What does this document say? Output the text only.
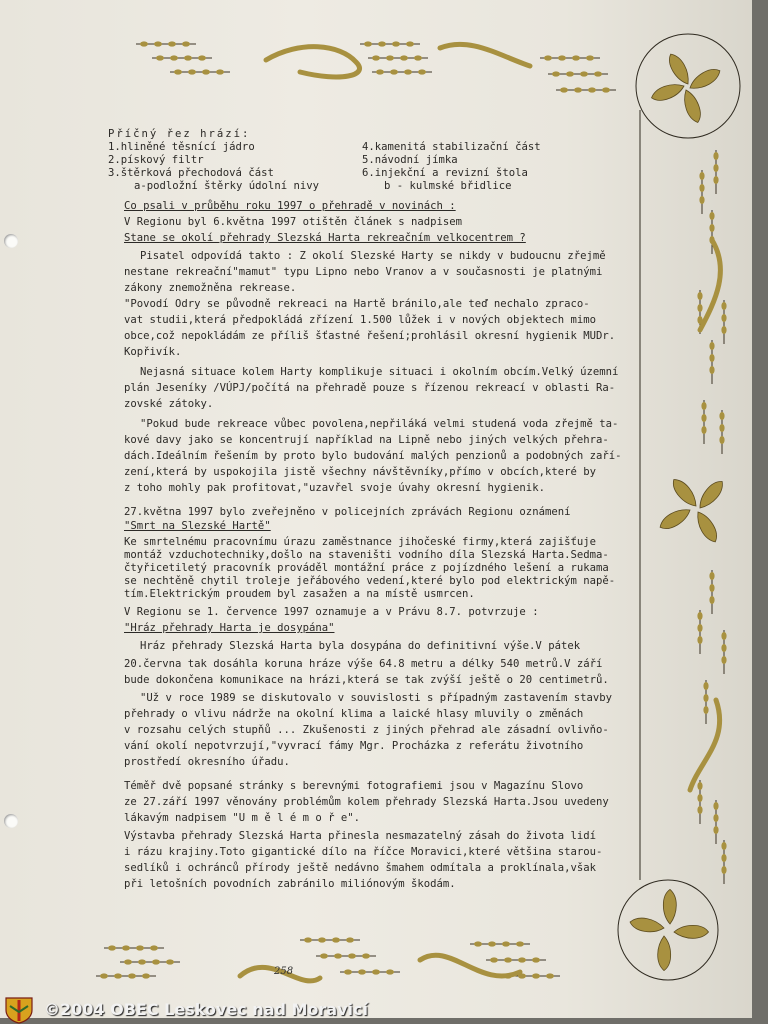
Příčný řez hrází:
1.hliněné těsnící jádro
2.pískový filtr
3.štěrková přechodová část
4.kamenitá stabilizační část
5.návodní jímka
6.injekční a revizní štola
a-podložní štěrky údolní nivy	b - kulmské břidlice
258
Co psali v průběhu roku 1997 o přehradě v novinách :
V Regionu byl 6.května 1997 otištěn článek s nadpisem
Stane se okolí přehrady Slezská Harta rekreačním velkocentrem ?
Pisatel odpovídá takto : Z okolí Slezské Harty se nikdy v budoucnu zřejmě
nestane rekreační"mamut" typu Lipno nebo Vranov a v současnosti je platnými
zákony znemožněna rekrease.
"Povodí Odry se původně rekreaci na Hartě bránilo,ale teď nechalo zpraco-
vat studii,která předpokládá zřízení 1.500 lůžek i v nových objektech mimo
obce,což nepokládám ze příliš šťastné řešení;prohlásil okresní hygienik MUDr.
Kopřivík.
Nejasná situace kolem Harty komplikuje situaci i okolním obcím.Velký územní
plán Jeseníky /VÚPJ/počítá na přehradě pouze s řízenou rekreací v oblasti Ra-
zovské zátoky.
"Pokud bude rekreace vůbec povolena,nepřiláká velmi studená voda zřejmě ta-
kové davy jako se koncentrují například na Lipně nebo jiných velkých přehra-
dách.Ideálním řešením by proto bylo budování malých penzionů a podobných zaří-
zení,která by uspokojila jistě všechny návštěvníky,přímo v obcích,které by
z toho mohly pak profitovat,"uzavřel svoje úvahy okresní hygienik.
27.května 1997 bylo zveřejněno v policejních zprávách Regionu oznámení
"Smrt na Slezské Hartě"
Ke smrtelnému pracovnímu úrazu zaměstnance jihočeské firmy,která zajišťuje
montáž vzduchotechniky,došlo na staveništi vodního díla Slezská Harta.Sedma-
čtyřicetiletý pracovník prováděl montážní práce z pojízdného lešení a rukama
se nechtěně chytil troleje jeřábového vedení,které bylo pod elektrickým napě-
tím.Elektrickým proudem byl zasažen a na místě usmrcen.
V Regionu se 1. července 1997 oznamuje a v Právu 8.7. potvrzuje :
"Hráz přehrady Harta je dosypána"
Hráz přehrady Slezská Harta byla dosypána do definitivní výše.V pátek
20.června tak dosáhla koruna hráze výše 64.8 metru a délky 540 metrů.V září
bude dokončena komunikace na hrázi,která se tak zvýší ještě o 20 centimetrů.
"Už v roce 1989 se diskutovalo v souvislosti s případným zastavením stavby
přehrady o vlivu nádrže na okolní klima a laické hlasy mluvily o změnách
v rozsahu celých stupňů ... Zkušenosti z jiných přehrad ale zásadní ovlivňo-
vání okolí nepotvrzují,"vyvrací fámy Mgr. Procházka z referátu životního
prostředí okresního úřadu.
Téměř dvě popsané stránky s berevnými fotografiemi jsou v Magazínu Slovo
ze 27.září 1997 věnovány problémům kolem přehrady Slezská Harta.Jsou uvedeny
lákavým nadpisem "U m ě l é m o ř e".
Výstavba přehrady Slezská Harta přinesla nesmazatelný zásah do života lidí
i rázu krajiny.Toto gigantické dílo na říčce Moravici,které většina starou-
sedlíků i ochránců přírody ještě nedávno šmahem odmítala a proklínala,však
při letošních povodních zabránilo miliónovým škodám.
©2004 OBEC Leskovec nad Moravicí
